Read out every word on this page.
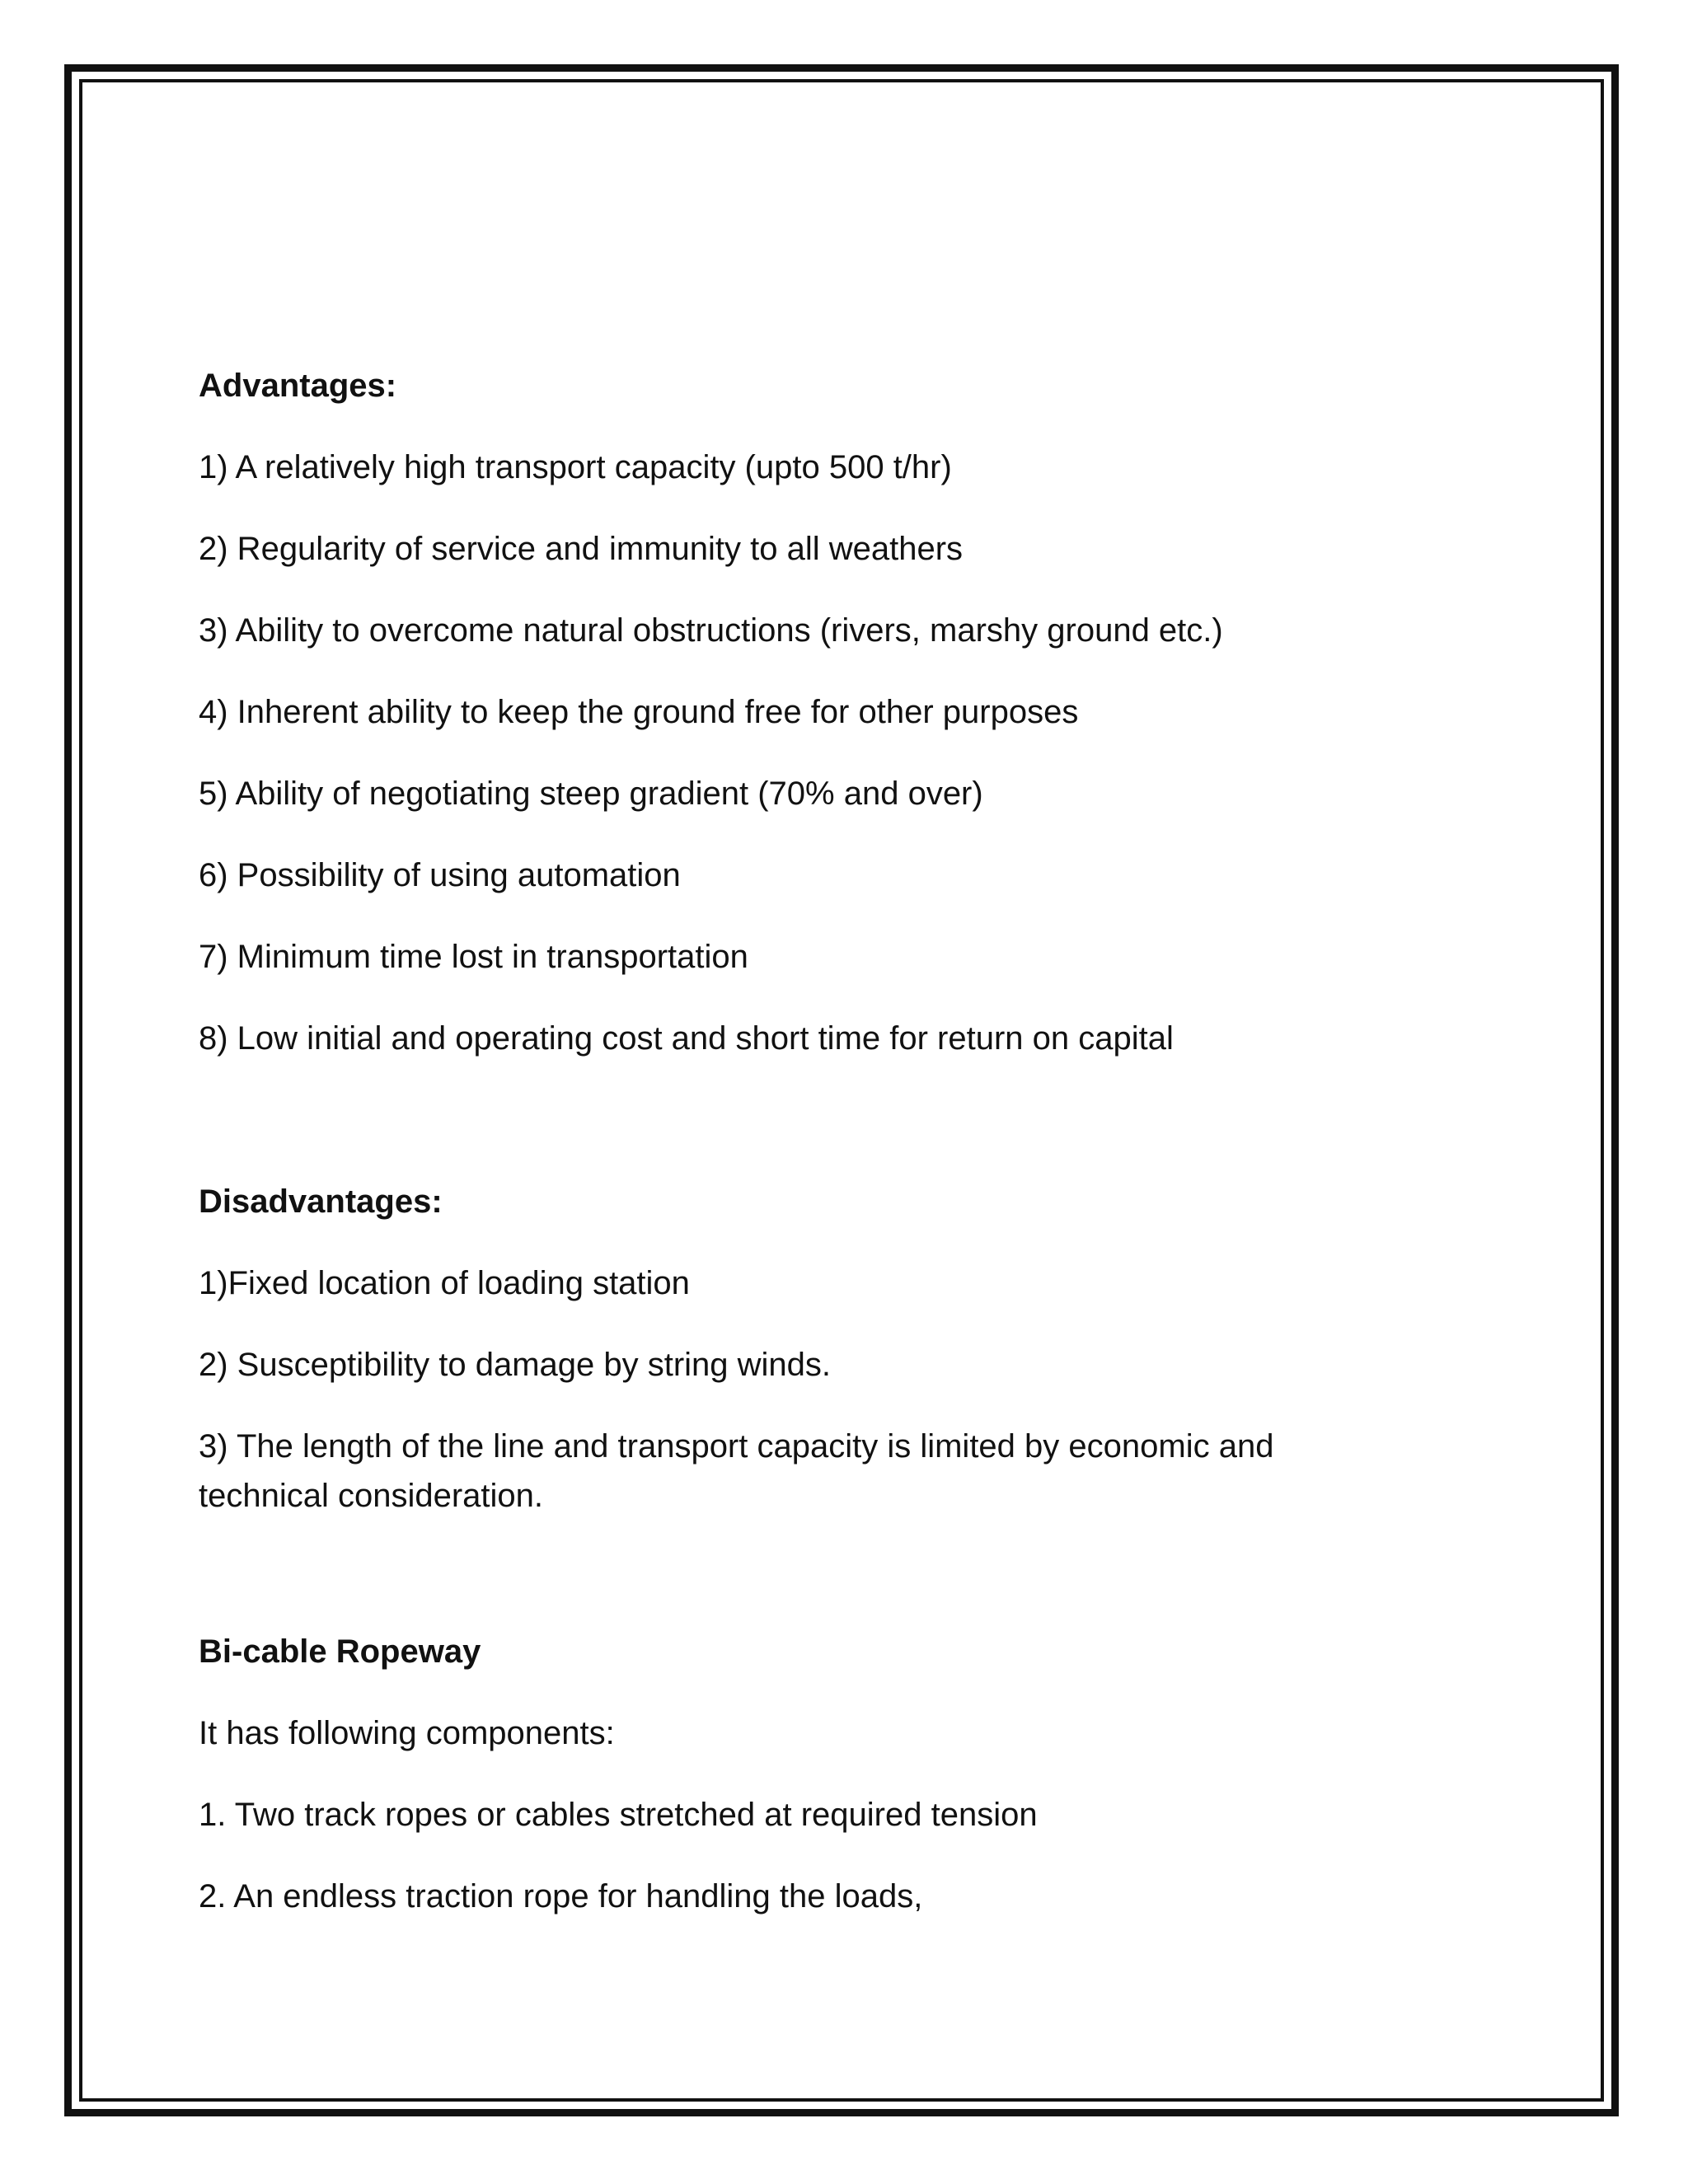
Advantages:
1) A relatively high transport capacity (upto 500 t/hr)
2) Regularity of service and immunity to all weathers
3) Ability to overcome natural obstructions (rivers, marshy ground etc.)
4) Inherent ability to keep the ground free for other purposes
5) Ability of negotiating steep gradient (70% and over)
6) Possibility of using automation
7) Minimum time lost in transportation
8) Low initial and operating cost and short time for return on capital
Disadvantages:
1)Fixed location of loading station
2) Susceptibility to damage by string winds.
3) The length of the line and transport capacity is limited by economic and technical consideration.
Bi-cable Ropeway
It has following components:
1. Two track ropes or cables stretched at required tension
2. An endless traction rope for handling the loads,
